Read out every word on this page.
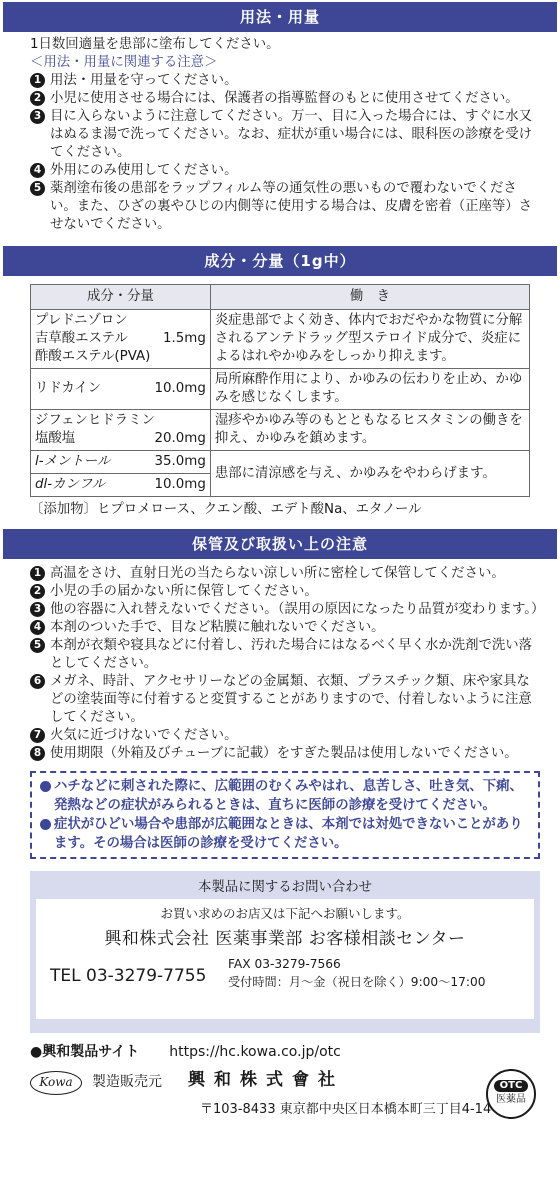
用法・用量

1日数回適量を患部に塗布してください。

＜用法・用量に関連する注意＞

1 用法・用量を守ってください。

2 小児に使用させる場合には、保護者の指導監督のもとに使用させてください。

3 目に入らないように注意してください。万一、目に入った場合には、すぐに水又はぬるま湯で洗ってください。なお、症状が重い場合には、眼科医の診療を受けてください。

4 外用にのみ使用してください。

5 薬剤塗布後の患部をラップフィルム等の通気性の悪いもので覆わないでください。また、ひざの裏やひじの内側等に使用する場合は、皮膚を密着（正座等）させないでください。

成分・分量（1g中）
成分・分量	働　き

プレドニゾロン
吉草酸エステル 1.5mg
酢酸エステル(PVA)	炎症患部でよく効き、体内でおだやかな物質に分解されるアンテドラッグ型ステロイド成分で、炎症によるはれやかゆみをしっかり抑えます。
リドカイン 10.0mg	局所麻酔作用により、かゆみの伝わりを止め、かゆみを感じなくします。

ジフェンヒドラミン
塩酸塩 20.0mg	湿疹やかゆみ等のもとともなるヒスタミンの働きを抑え、かゆみを鎮めます。
l-メントール 35.0mg	患部に清涼感を与え、かゆみをやわらげます。
dl-カンフル 10.0mg	

〔添加物〕ヒプロメロース、クエン酸、エデト酸Na、エタノール

保管及び取扱い上の注意

1 高温をさけ、直射日光の当たらない涼しい所に密栓して保管してください。

2 小児の手の届かない所に保管してください。

3 他の容器に入れ替えないでください。（誤用の原因になったり品質が変わります。）

4 本剤のついた手で、目など粘膜に触れないでください。

5 本剤が衣類や寝具などに付着し、汚れた場合にはなるべく早く水か洗剤で洗い落としてください。

6 メガネ、時計、アクセサリーなどの金属類、衣類、プラスチック類、床や家具などの塗装面等に付着すると変質することがありますので、付着しないように注意してください。

7 火気に近づけないでください。

8 使用期限（外箱及びチューブに記載）をすぎた製品は使用しないでください。

ハチなどに刺された際に、広範囲のむくみやはれ、息苦しさ、吐き気、下痢、発熱などの症状がみられるときは、直ちに医師の診療を受けてください。
症状がひどい場合や患部が広範囲なときは、本剤では対処できないことがあります。その場合は医師の診療を受けてください。
本製品に関するお問い合わせ
お買い求めのお店又は下記へお願いします。
興和株式会社 医薬事業部 お客様相談センター
TEL 03-3279-7755
FAX 03-3279-7566
受付時間：月～金（祝日を除く）9:00～17:00
●興和製品サイト https://hc.kowa.co.jp/otc
Kowa	製造販売元 興和株式會社
〒103-8433 東京都中央区日本橋本町三丁目4-14
OTC
医薬品
